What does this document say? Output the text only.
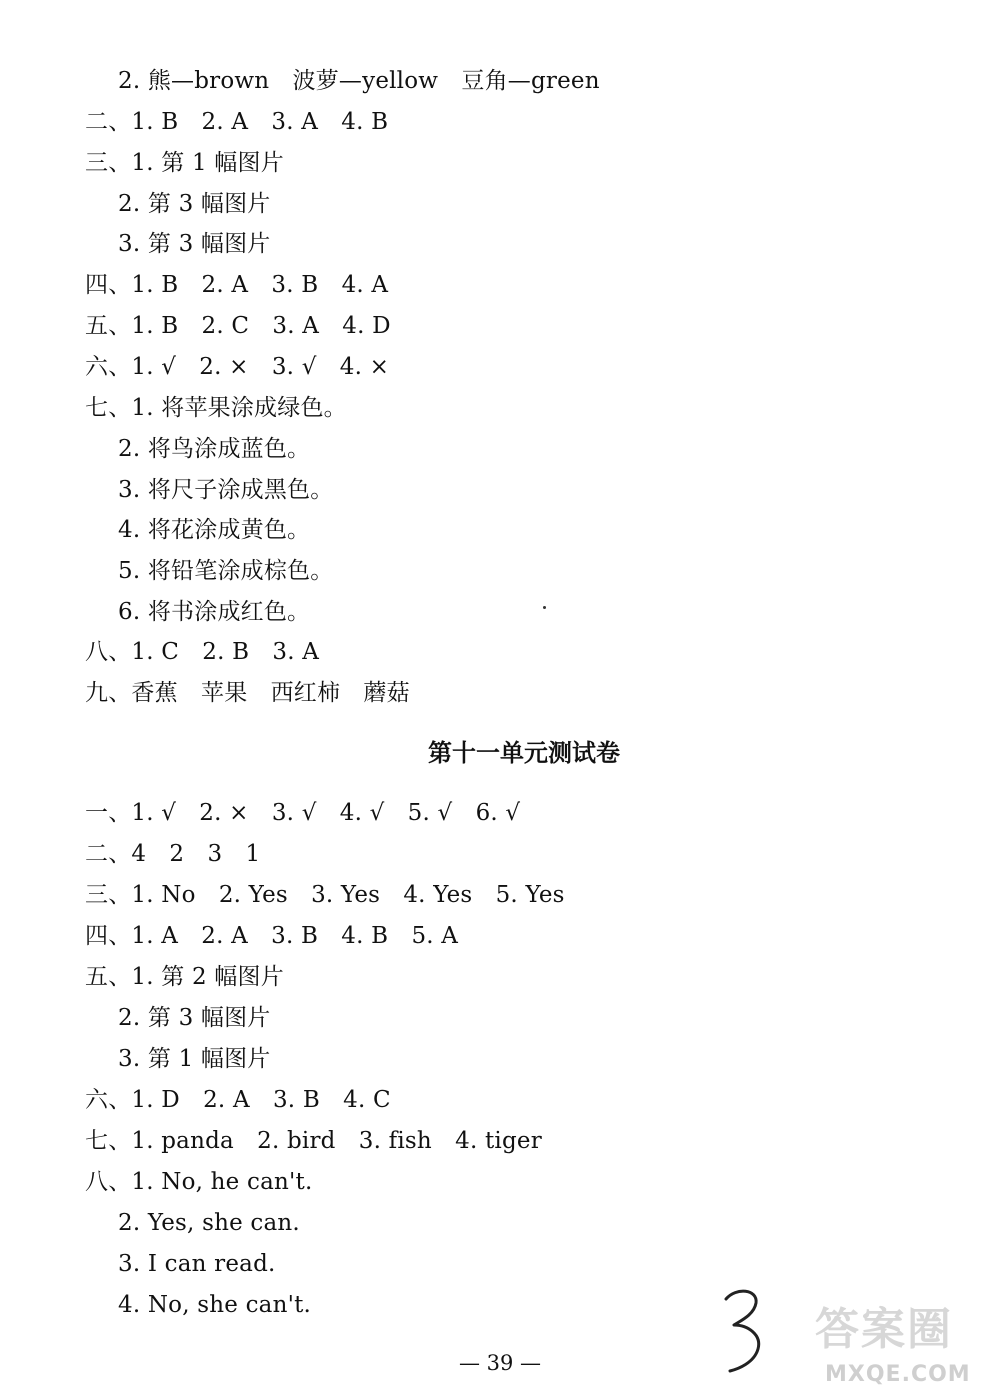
2. 熊—brown　波萝—yellow　豆角—green
二、1. B　2. A　3. A　4. B
三、1. 第 1 幅图片
2. 第 3 幅图片
3. 第 3 幅图片
四、1. B　2. A　3. B　4. A
五、1. B　2. C　3. A　4. D
六、1. √　2. ×　3. √　4. ×
七、1. 将苹果涂成绿色。
2. 将鸟涂成蓝色。
3. 将尺子涂成黑色。
4. 将花涂成黄色。
5. 将铅笔涂成棕色。
6. 将书涂成红色。
八、1. C　2. B　3. A
九、香蕉　苹果　西红柿　蘑菇
第十一单元测试卷
一、1. √　2. ×　3. √　4. √　5. √　6. √
二、4　2　3　1
三、1. No　2. Yes　3. Yes　4. Yes　5. Yes
四、1. A　2. A　3. B　4. B　5. A
五、1. 第 2 幅图片
2. 第 3 幅图片
3. 第 1 幅图片
六、1. D　2. A　3. B　4. C
七、1. panda　2. bird　3. fish　4. tiger
八、1. No, he can't.
2. Yes, she can.
3. I can read.
4. No, she can't.
— 39 —
答案圈
MXQE.COM
